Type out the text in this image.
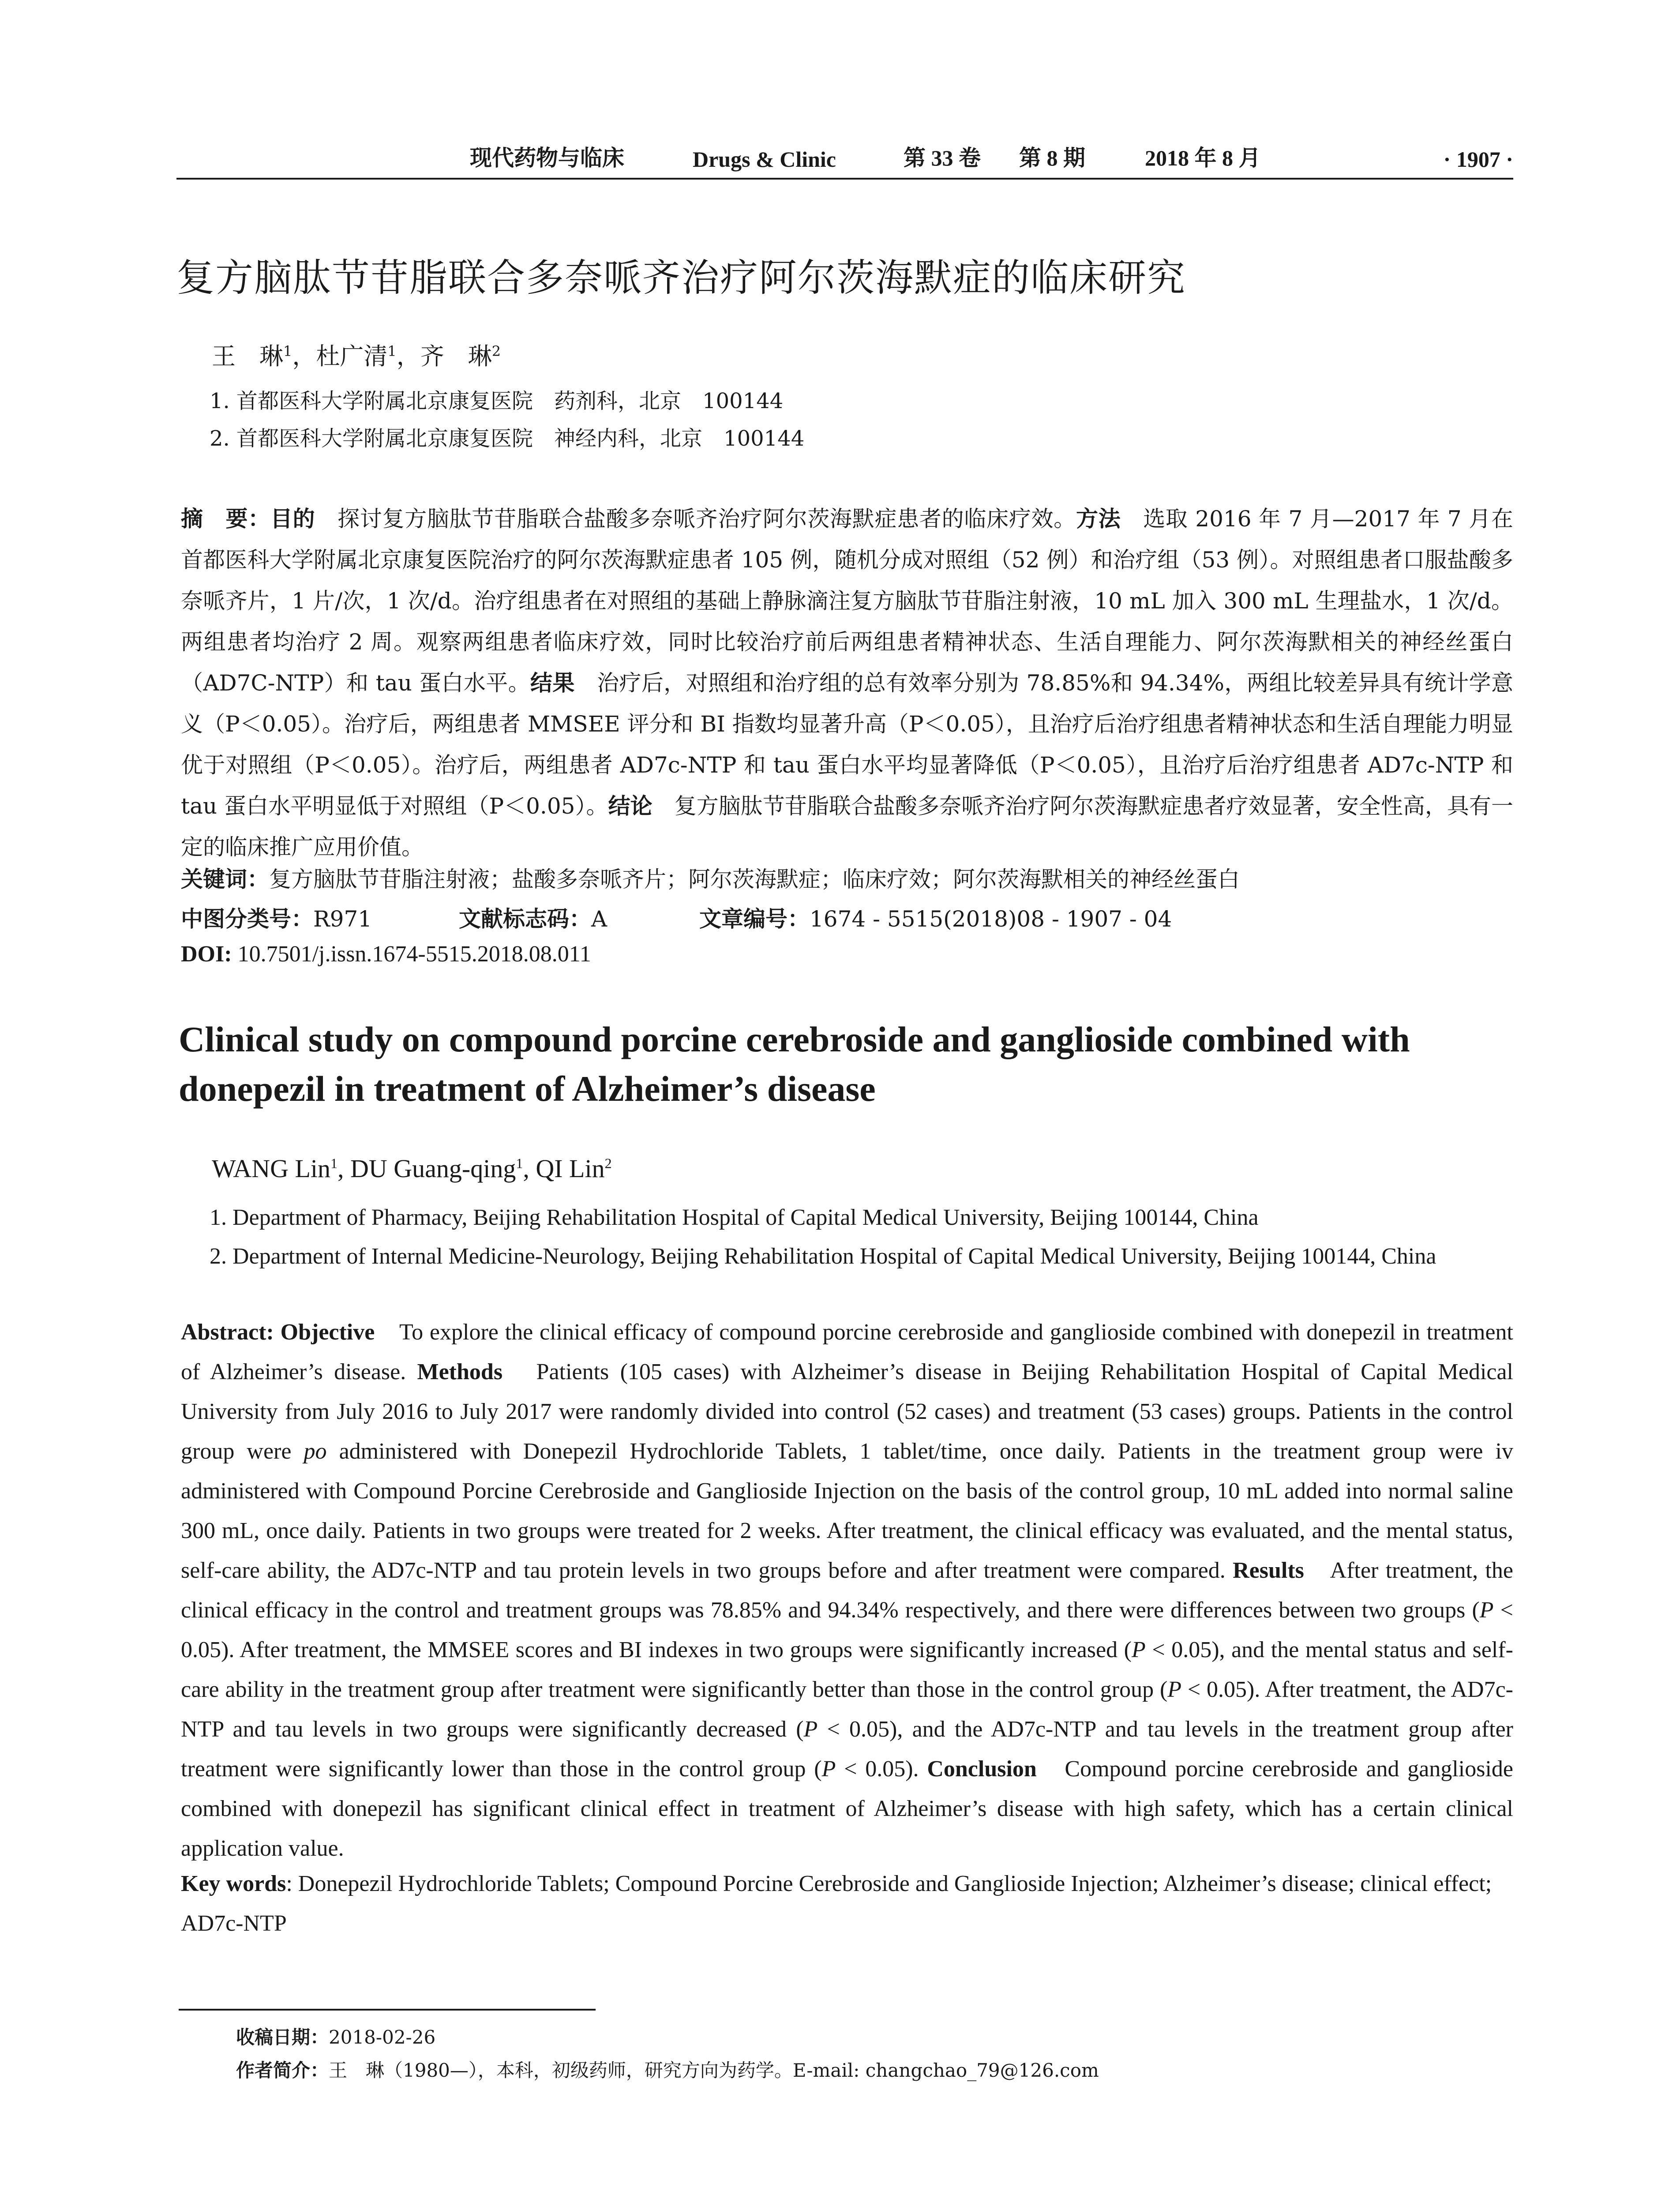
现代药物与临床	Drugs & Clinic	第 33 卷 第 8 期	2018 年 8 月	· 1907 ·
复方脑肽节苷脂联合多奈哌齐治疗阿尔茨海默症的临床研究
王　琳$^1$，杜广清$^1$，齐　琳$^2$
1. 首都医科大学附属北京康复医院　药剂科，北京　100144
2. 首都医科大学附属北京康复医院　神经内科，北京　100144
摘　要：目的　探讨复方脑肽节苷脂联合盐酸多奈哌齐治疗阿尔茨海默症患者的临床疗效。方法　选取 2016 年 7 月—2017 年 7 月在首都医科大学附属北京康复医院治疗的阿尔茨海默症患者 105 例，随机分成对照组（52 例）和治疗组（53 例）。对照组患者口服盐酸多奈哌齐片，1 片/次，1 次/d。治疗组患者在对照组的基础上静脉滴注复方脑肽节苷脂注射液，10 mL 加入 300 mL 生理盐水，1 次/d。两组患者均治疗 2 周。观察两组患者临床疗效，同时比较治疗前后两组患者精神状态、生活自理能力、阿尔茨海默相关的神经丝蛋白（AD7C-NTP）和 tau 蛋白水平。结果　治疗后，对照组和治疗组的总有效率分别为 78.85%和 94.34%，两组比较差异具有统计学意义（P＜0.05）。治疗后，两组患者 MMSEE 评分和 BI 指数均显著升高（P＜0.05），且治疗后治疗组患者精神状态和生活自理能力明显优于对照组（P＜0.05）。治疗后，两组患者 AD7c-NTP 和 tau 蛋白水平均显著降低（P＜0.05），且治疗后治疗组患者 AD7c-NTP 和 tau 蛋白水平明显低于对照组（P＜0.05）。结论　复方脑肽节苷脂联合盐酸多奈哌齐治疗阿尔茨海默症患者疗效显著，安全性高，具有一定的临床推广应用价值。
关键词：复方脑肽节苷脂注射液；盐酸多奈哌齐片；阿尔茨海默症；临床疗效；阿尔茨海默相关的神经丝蛋白
中图分类号：R971	文献标志码：A	文章编号：1674 - 5515(2018)08 - 1907 - 04
DOI: 10.7501/j.issn.1674-5515.2018.08.011
Clinical study on compound porcine cerebroside and ganglioside combined with donepezil in treatment of Alzheimer’s disease
WANG Lin$^1$, DU Guang-qing$^1$, QI Lin$^2$
1. Department of Pharmacy, Beijing Rehabilitation Hospital of Capital Medical University, Beijing 100144, China
2. Department of Internal Medicine-Neurology, Beijing Rehabilitation Hospital of Capital Medical University, Beijing 100144, China
Abstract: Objective　To explore the clinical efficacy of compound porcine cerebroside and ganglioside combined with donepezil in treatment of Alzheimer’s disease. Methods　Patients (105 cases) with Alzheimer’s disease in Beijing Rehabilitation Hospital of Capital Medical University from July 2016 to July 2017 were randomly divided into control (52 cases) and treatment (53 cases) groups. Patients in the control group were po administered with Donepezil Hydrochloride Tablets, 1 tablet/time, once daily. Patients in the treatment group were iv administered with Compound Porcine Cerebroside and Ganglioside Injection on the basis of the control group, 10 mL added into normal saline 300 mL, once daily. Patients in two groups were treated for 2 weeks. After treatment, the clinical efficacy was evaluated, and the mental status, self-care ability, the AD7c-NTP and tau protein levels in two groups before and after treatment were compared. Results　After treatment, the clinical efficacy in the control and treatment groups was 78.85% and 94.34% respectively, and there were differences between two groups (P < 0.05). After treatment, the MMSEE scores and BI indexes in two groups were significantly increased (P < 0.05), and the mental status and self-care ability in the treatment group after treatment were significantly better than those in the control group (P < 0.05). After treatment, the AD7c-NTP and tau levels in two groups were significantly decreased (P < 0.05), and the AD7c-NTP and tau levels in the treatment group after treatment were significantly lower than those in the control group (P < 0.05). Conclusion　Compound porcine cerebroside and ganglioside combined with donepezil has significant clinical effect in treatment of Alzheimer’s disease with high safety, which has a certain clinical application value.
Key words: Donepezil Hydrochloride Tablets; Compound Porcine Cerebroside and Ganglioside Injection; Alzheimer’s disease; clinical effect; AD7c-NTP
收稿日期：2018-02-26
作者简介：王　琳（1980—），本科，初级药师，研究方向为药学。E-mail: changchao_79@126.com
